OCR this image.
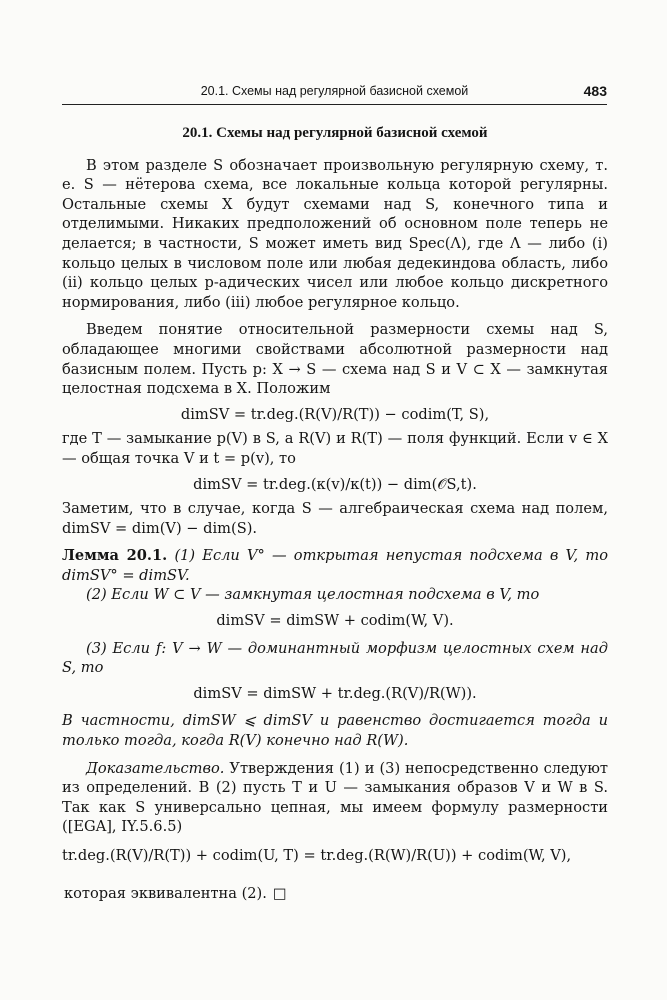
20.1. Схемы над регулярной базисной схемой	483
20.1. Схемы над регулярной базисной схемой

В этом разделе S обозначает произвольную регулярную схему, т. е. S — нётерова схема, все локальные кольца которой регулярны. Остальные схемы X будут схемами над S, конечного типа и отделимыми. Никаких предположений об основном поле теперь не делается; в частности, S может иметь вид Spec(Λ), где Λ — либо (i) кольцо целых в числовом поле или любая дедекиндова область, либо (ii) кольцо целых p-адических чисел или любое кольцо дискретного нормирования, либо (iii) любое регулярное кольцо.

Введем понятие относительной размерности схемы над S, обладающее многими свойствами абсолютной размерности над базисным полем. Пусть p: X → S — схема над S и V ⊂ X — замкнутая целостная подсхема в X. Положим

dimSV = tr.deg.(R(V)/R(T)) − codim(T, S),

где T — замыкание p(V) в S, а R(V) и R(T) — поля функций. Если v ∈ X — общая точка V и t = p(v), то

dimSV = tr.deg.(κ(v)/κ(t)) − dim(𝒪S,t).

Заметим, что в случае, когда S — алгебраическая схема над полем, dimSV = dim(V) − dim(S).

Лемма 20.1. (1) Если V° — открытая непустая подсхема в V, то dimSV° = dimSV.

(2) Если W ⊂ V — замкнутая целостная подсхема в V, то

dimSV = dimSW + codim(W, V).

(3) Если f: V → W — доминантный морфизм целостных схем над S, то

dimSV = dimSW + tr.deg.(R(V)/R(W)).

В частности, dimSW ⩽ dimSV и равенство достигается тогда и только тогда, когда R(V) конечно над R(W).

Доказательство. Утверждения (1) и (3) непосредственно следуют из определений. В (2) пусть T и U — замыкания образов V и W в S. Так как S универсально цепная, мы имеем формулу размерности ([EGA], IY.5.6.5)

tr.deg.(R(V)/R(T)) + codim(U, T) = tr.deg.(R(W)/R(U)) + codim(W, V),

которая эквивалентна (2). □
